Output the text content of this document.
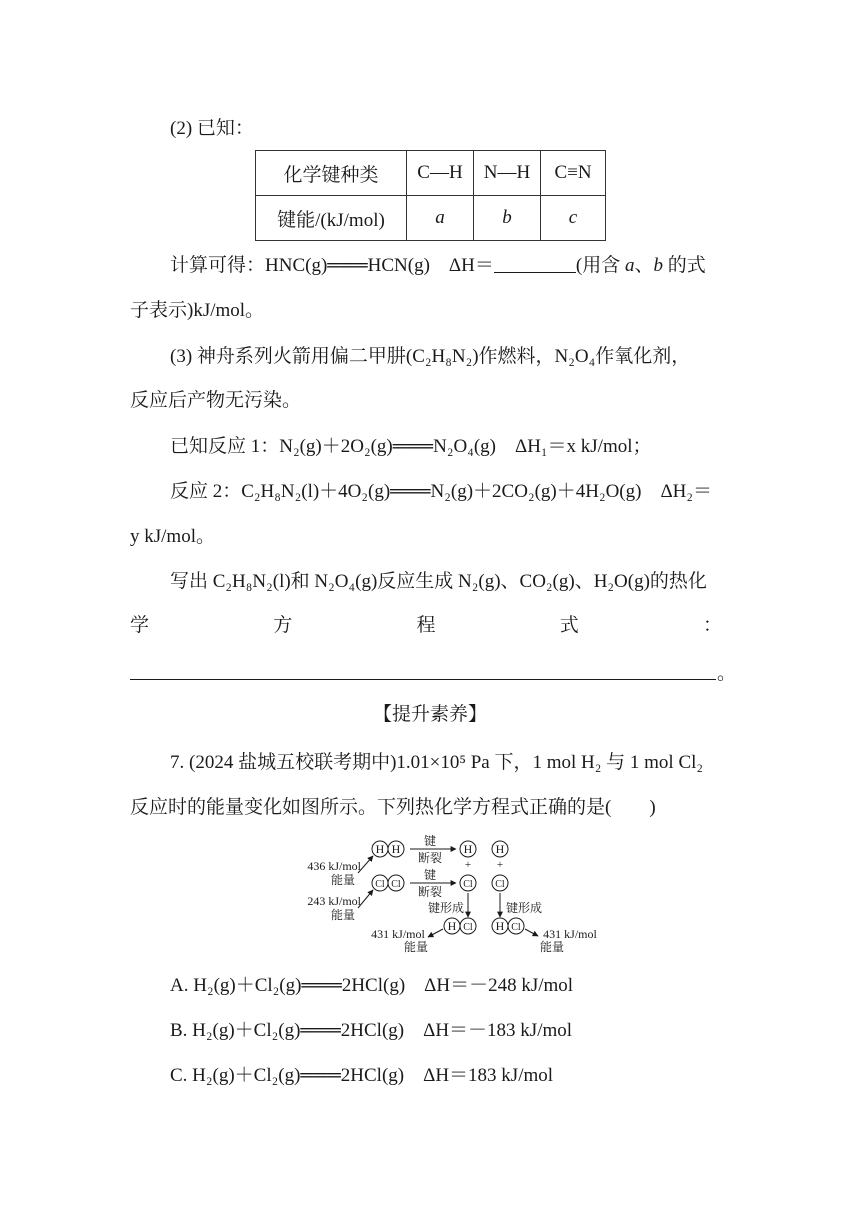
(2) 已知：
化学键种类	C—H	N—H	C≡N
键能/(kJ/mol)	a	b	c
计算可得：HNC(g)═══HCN(g)　ΔH＝	(用含 a、b 的式
子表示)kJ/mol。
(3) 神舟系列火箭用偏二甲肼(C₂H₈N₂)作燃料，N₂O₄作氧化剂，
反应后产物无污染。
已知反应 1：N₂(g)＋2O₂(g)═══N₂O₄(g)　ΔH₁＝x kJ/mol；
反应 2：C₂H₈N₂(l)＋4O₂(g)═══N₂(g)＋2CO₂(g)＋4H₂O(g)　ΔH₂＝
y kJ/mol。
写出 C₂H₈N₂(l)和 N₂O₄(g)反应生成 N₂(g)、CO₂(g)、H₂O(g)的热化
学	方	程	式	：
。
【提升素养】
7. (2024 盐城五校联考期中)1.01×10⁵ Pa 下，1 mol H₂ 与 1 mol Cl₂
反应时的能量变化如图所示。下列热化学方程式正确的是(　　)
H H
Cl Cl
键
断裂
键
断裂
H H
+ +
Cl Cl
436 kJ/mol
能量
243 kJ/mol
能量	键形成	键形成
H Cl H Cl
431 kJ/mol
能量
431 kJ/mol
能量
A. H₂(g)＋Cl₂(g)═══2HCl(g)　ΔH＝－248 kJ/mol
B. H₂(g)＋Cl₂(g)═══2HCl(g)　ΔH＝－183 kJ/mol
C. H₂(g)＋Cl₂(g)═══2HCl(g)　ΔH＝183 kJ/mol
